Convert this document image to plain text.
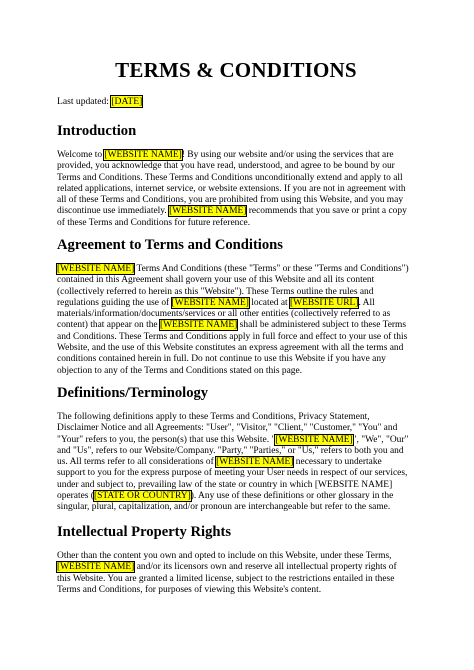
TERMS & CONDITIONS
Last updated: [DATE]
Introduction
Welcome to [WEBSITE NAME]! By using our website and/or using the services that are
provided, you acknowledge that you have read, understood, and agree to be bound by our
Terms and Conditions. These Terms and Conditions unconditionally extend and apply to all
related applications, internet service, or website extensions. If you are not in agreement with
all of these Terms and Conditions, you are prohibited from using this Website, and you may
discontinue use immediately. [WEBSITE NAME] recommends that you save or print a copy
of these Terms and Conditions for future reference.
Agreement to Terms and Conditions
[WEBSITE NAME] Terms And Conditions (these "Terms" or these "Terms and Conditions")
contained in this Agreement shall govern your use of this Website and all its content
(collectively referred to herein as this "Website"). These Terms outline the rules and
regulations guiding the use of [WEBSITE NAME] located at [WEBSITE URL]. All
materials/information/documents/services or all other entities (collectively referred to as
content) that appear on the [WEBSITE NAME] shall be administered subject to these Terms
and Conditions. These Terms and Conditions apply in full force and effect to your use of this
Website, and the use of this Website constitutes an express agreement with all the terms and
conditions contained herein in full. Do not continue to use this Website if you have any
objection to any of the Terms and Conditions stated on this page.
Definitions/Terminology
The following definitions apply to these Terms and Conditions, Privacy Statement,
Disclaimer Notice and all Agreements: "User", "Visitor," "Client," "Customer," "You" and
"Your" refers to you, the person(s) that use this Website. "[WEBSITE NAME]", "We", "Our"
and "Us", refers to our Website/Company. "Party," "Parties," or "Us," refers to both you and
us. All terms refer to all considerations of [WEBSITE NAME] necessary to undertake
support to you for the express purpose of meeting your User needs in respect of our services,
under and subject to, prevailing law of the state or country in which [WEBSITE NAME]
operates ([STATE OR COUNTRY]). Any use of these definitions or other glossary in the
singular, plural, capitalization, and/or pronoun are interchangeable but refer to the same.
Intellectual Property Rights
Other than the content you own and opted to include on this Website, under these Terms,
[WEBSITE NAME] and/or its licensors own and reserve all intellectual property rights of
this Website. You are granted a limited license, subject to the restrictions entailed in these
Terms and Conditions, for purposes of viewing this Website's content.
